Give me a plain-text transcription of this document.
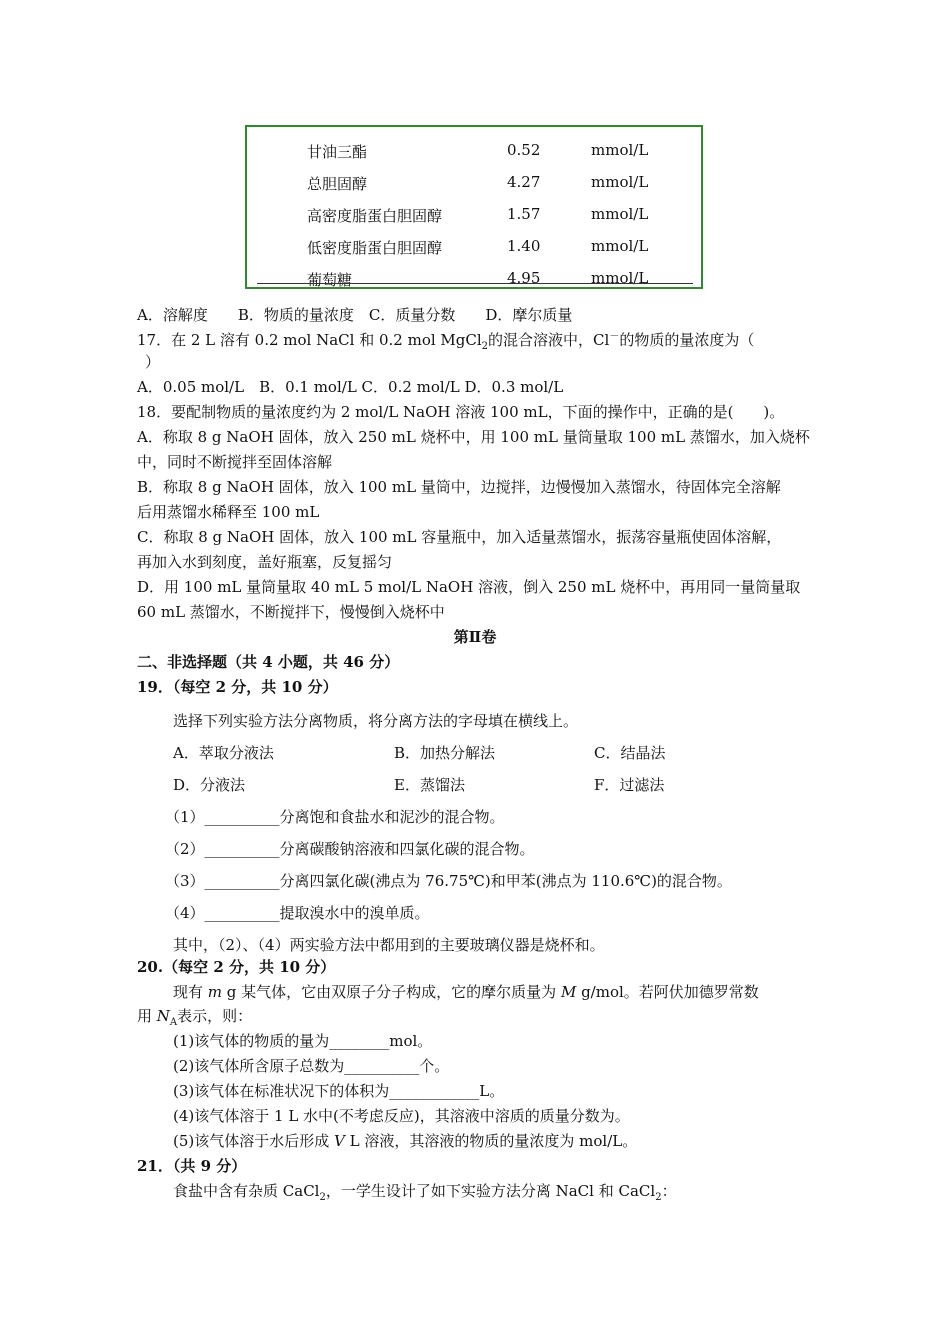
甘油三酯	0.52	mmol/L
总胆固醇	4.27	mmol/L
高密度脂蛋白胆固醇	1.57	mmol/L
低密度脂蛋白胆固醇	1.40	mmol/L
葡萄糖	4.95	mmol/L
A．溶解度　　B．物质的量浓度　C．质量分数　　D．摩尔质量
17．在 2 L 溶有 0.2 mol NaCl 和 0.2 mol MgCl$_2$的混合溶液中，Cl－的物质的量浓度为（
）
A．0.05 mol/L　B．0.1 mol/L C．0.2 mol/L D．0.3 mol/L
18．要配制物质的量浓度约为 2 mol/L NaOH 溶液 100 mL，下面的操作中，正确的是(　　)。
A．称取 8 g NaOH 固体，放入 250 mL 烧杯中，用 100 mL 量筒量取 100 mL 蒸馏水，加入烧杯
中，同时不断搅拌至固体溶解
B．称取 8 g NaOH 固体，放入 100 mL 量筒中，边搅拌，边慢慢加入蒸馏水，待固体完全溶解
后用蒸馏水稀释至 100 mL
C．称取 8 g NaOH 固体，放入 100 mL 容量瓶中，加入适量蒸馏水，振荡容量瓶使固体溶解，
再加入水到刻度，盖好瓶塞，反复摇匀
D．用 100 mL 量筒量取 40 mL 5 mol/L NaOH 溶液，倒入 250 mL 烧杯中，再用同一量筒量取
60 mL 蒸馏水，不断搅拌下，慢慢倒入烧杯中
第Ⅱ卷
二、非选择题（共 4 小题，共 46 分）
19．（每空 2 分，共 10 分）
选择下列实验方法分离物质，将分离方法的字母填在横线上。
A．萃取分液法	B．加热分解法	C．结晶法
D．分液法	E．蒸馏法	F．过滤法
（1）__________分离饱和食盐水和泥沙的混合物。
（2）__________分离碳酸钠溶液和四氯化碳的混合物。
（3）__________分离四氯化碳(沸点为 76.75℃)和甲苯(沸点为 110.6℃)的混合物。
（4）__________提取溴水中的溴单质。
其中，（2）、（4）两实验方法中都用到的主要玻璃仪器是烧杯和。
20.（每空 2 分，共 10 分）
现有 m g 某气体，它由双原子分子构成，它的摩尔质量为 M g/mol。若阿伏加德罗常数
用 $N_A$表示，则：
(1)该气体的物质的量为________mol。
(2)该气体所含原子总数为__________个。
(3)该气体在标准状况下的体积为____________L。
(4)该气体溶于 1 L 水中(不考虑反应)，其溶液中溶质的质量分数为。
(5)该气体溶于水后形成 V L 溶液，其溶液的物质的量浓度为 mol/L。
21．（共 9 分）
食盐中含有杂质 CaCl$_2$，一学生设计了如下实验方法分离 NaCl 和 CaCl$_2$：
